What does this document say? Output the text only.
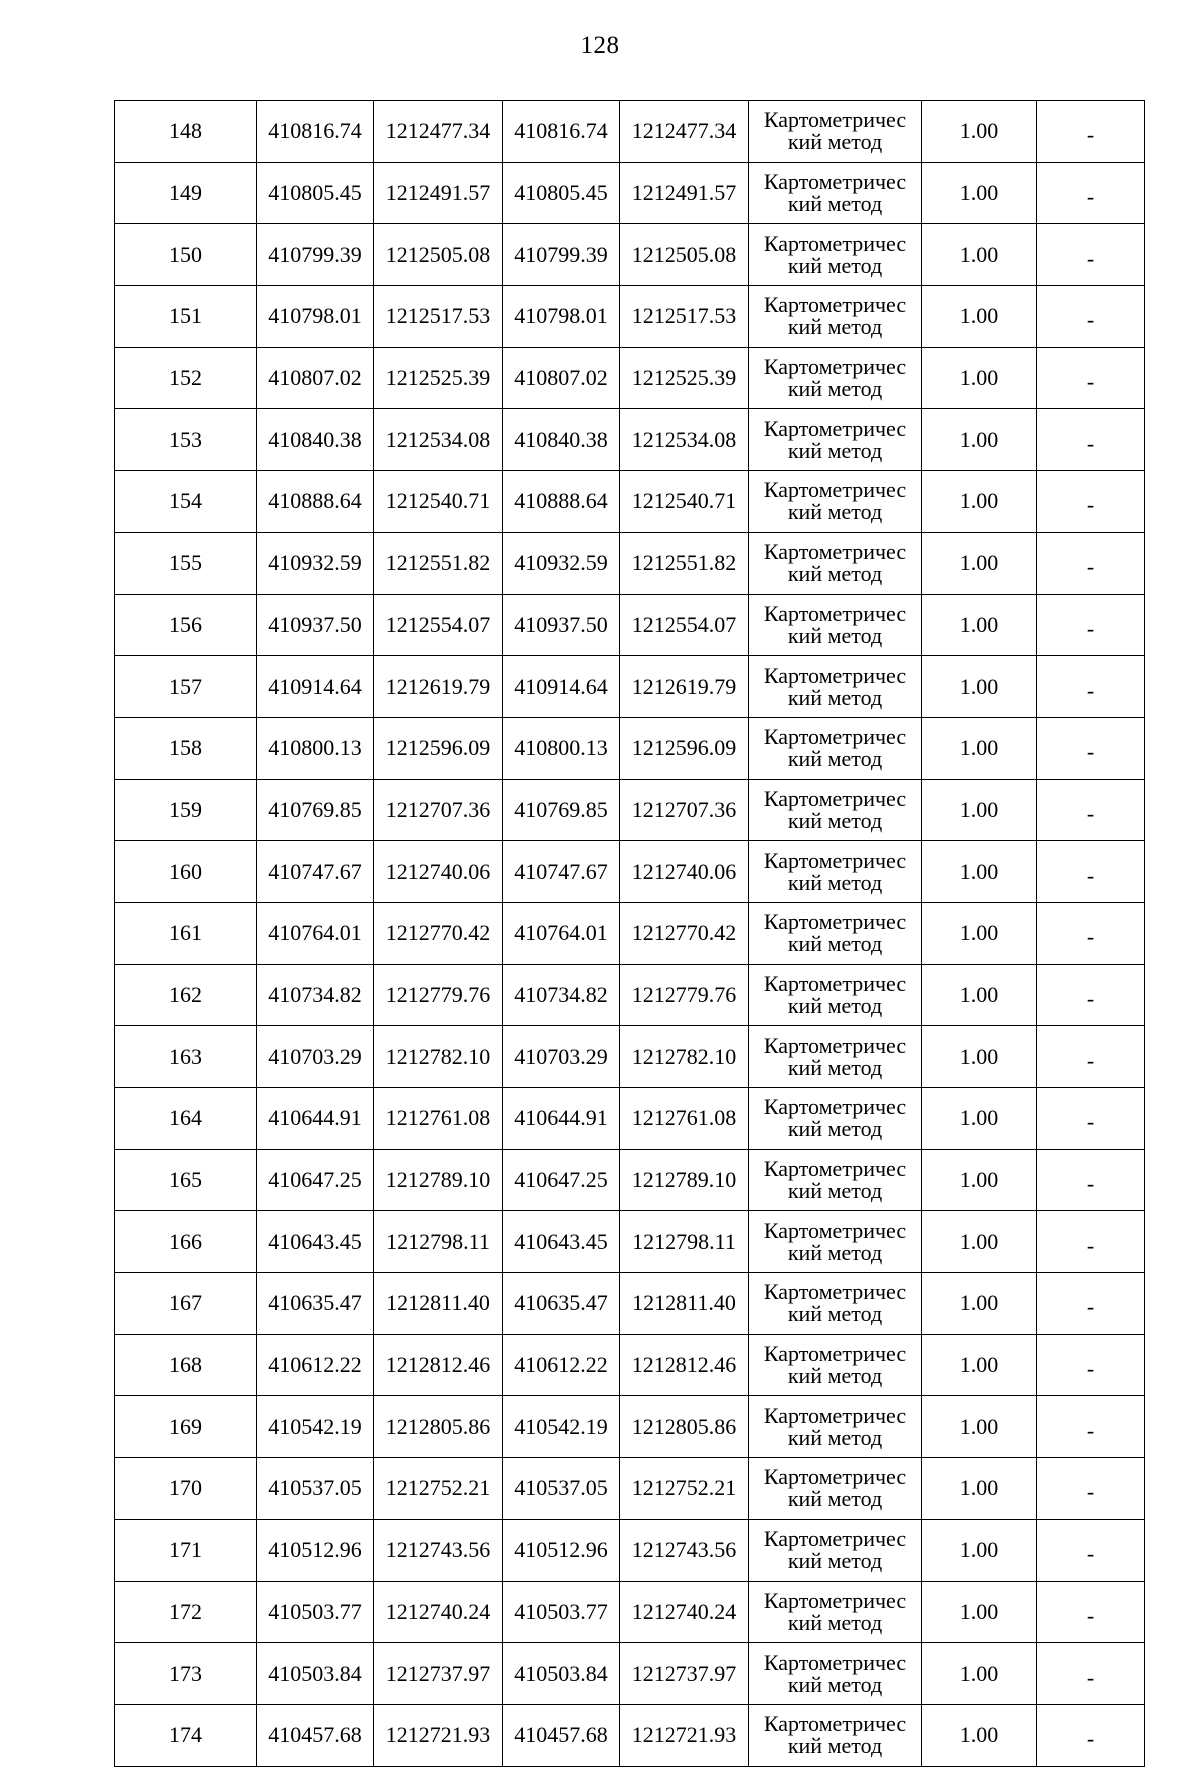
128
148	410816.74	1212477.34	410816.74	1212477.34	Картометричес
кий метод	1.00	-
149	410805.45	1212491.57	410805.45	1212491.57	Картометричес
кий метод	1.00	-
150	410799.39	1212505.08	410799.39	1212505.08	Картометричес
кий метод	1.00	-
151	410798.01	1212517.53	410798.01	1212517.53	Картометричес
кий метод	1.00	-
152	410807.02	1212525.39	410807.02	1212525.39	Картометричес
кий метод	1.00	-
153	410840.38	1212534.08	410840.38	1212534.08	Картометричес
кий метод	1.00	-
154	410888.64	1212540.71	410888.64	1212540.71	Картометричес
кий метод	1.00	-
155	410932.59	1212551.82	410932.59	1212551.82	Картометричес
кий метод	1.00	-
156	410937.50	1212554.07	410937.50	1212554.07	Картометричес
кий метод	1.00	-
157	410914.64	1212619.79	410914.64	1212619.79	Картометричес
кий метод	1.00	-
158	410800.13	1212596.09	410800.13	1212596.09	Картометричес
кий метод	1.00	-
159	410769.85	1212707.36	410769.85	1212707.36	Картометричес
кий метод	1.00	-
160	410747.67	1212740.06	410747.67	1212740.06	Картометричес
кий метод	1.00	-
161	410764.01	1212770.42	410764.01	1212770.42	Картометричес
кий метод	1.00	-
162	410734.82	1212779.76	410734.82	1212779.76	Картометричес
кий метод	1.00	-
163	410703.29	1212782.10	410703.29	1212782.10	Картометричес
кий метод	1.00	-
164	410644.91	1212761.08	410644.91	1212761.08	Картометричес
кий метод	1.00	-
165	410647.25	1212789.10	410647.25	1212789.10	Картометричес
кий метод	1.00	-
166	410643.45	1212798.11	410643.45	1212798.11	Картометричес
кий метод	1.00	-
167	410635.47	1212811.40	410635.47	1212811.40	Картометричес
кий метод	1.00	-
168	410612.22	1212812.46	410612.22	1212812.46	Картометричес
кий метод	1.00	-
169	410542.19	1212805.86	410542.19	1212805.86	Картометричес
кий метод	1.00	-
170	410537.05	1212752.21	410537.05	1212752.21	Картометричес
кий метод	1.00	-
171	410512.96	1212743.56	410512.96	1212743.56	Картометричес
кий метод	1.00	-
172	410503.77	1212740.24	410503.77	1212740.24	Картометричес
кий метод	1.00	-
173	410503.84	1212737.97	410503.84	1212737.97	Картометричес
кий метод	1.00	-
174	410457.68	1212721.93	410457.68	1212721.93	Картометричес
кий метод	1.00	-
